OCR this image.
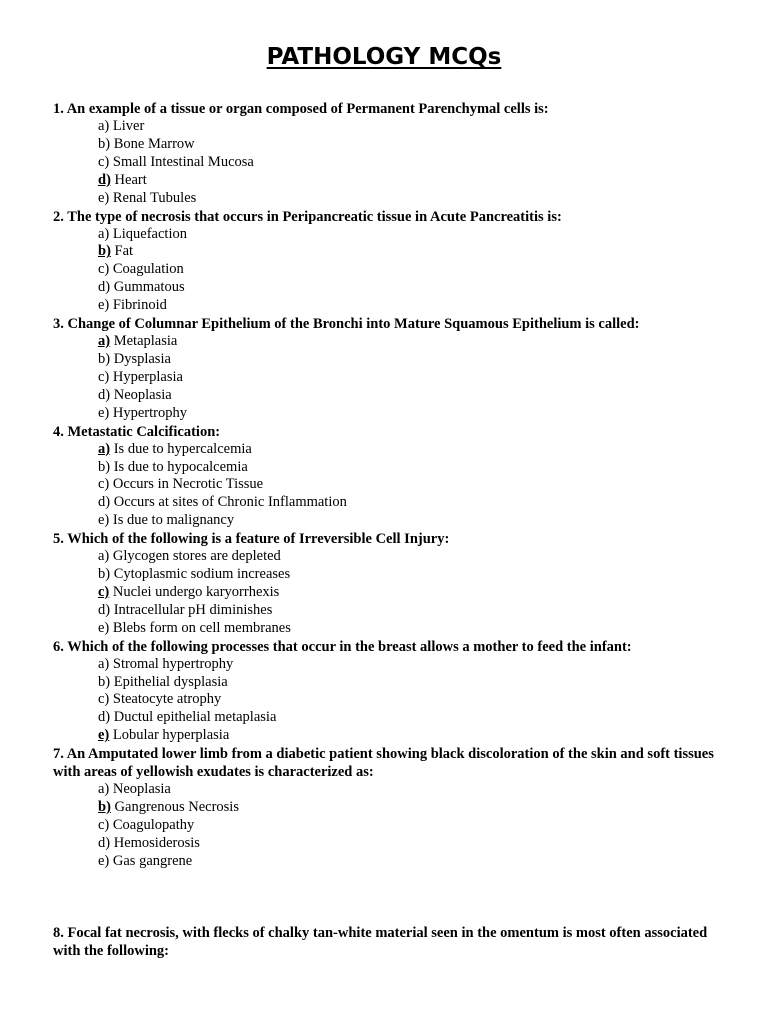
PATHOLOGY MCQs
1. An example of a tissue or organ composed of Permanent Parenchymal cells is:
a) Liver
b) Bone Marrow
c) Small Intestinal Mucosa
d) Heart
e) Renal Tubules
2. The type of necrosis that occurs in Peripancreatic tissue in Acute Pancreatitis is:
a) Liquefaction
b) Fat
c) Coagulation
d) Gummatous
e) Fibrinoid
3. Change of Columnar Epithelium of the Bronchi into Mature Squamous Epithelium is called:
a) Metaplasia
b) Dysplasia
c) Hyperplasia
d) Neoplasia
e) Hypertrophy
4. Metastatic Calcification:
a) Is due to hypercalcemia
b) Is due to hypocalcemia
c) Occurs in Necrotic Tissue
d) Occurs at sites of Chronic Inflammation
e) Is due to malignancy
5. Which of the following is a feature of Irreversible Cell Injury:
a) Glycogen stores are depleted
b) Cytoplasmic sodium increases
c) Nuclei undergo karyorrhexis
d) Intracellular pH diminishes
e) Blebs form on cell membranes
6. Which of the following processes that occur in the breast allows a mother to feed the infant:
a) Stromal hypertrophy
b) Epithelial dysplasia
c) Steatocyte atrophy
d) Ductul epithelial metaplasia
e) Lobular hyperplasia
7. An Amputated lower limb from a diabetic patient showing black discoloration of the skin and soft tissues with areas of yellowish exudates is characterized as:
a) Neoplasia
b) Gangrenous Necrosis
c) Coagulopathy
d) Hemosiderosis
e) Gas gangrene
8. Focal fat necrosis, with flecks of chalky tan-white material seen in the omentum is most often associated with the following:
